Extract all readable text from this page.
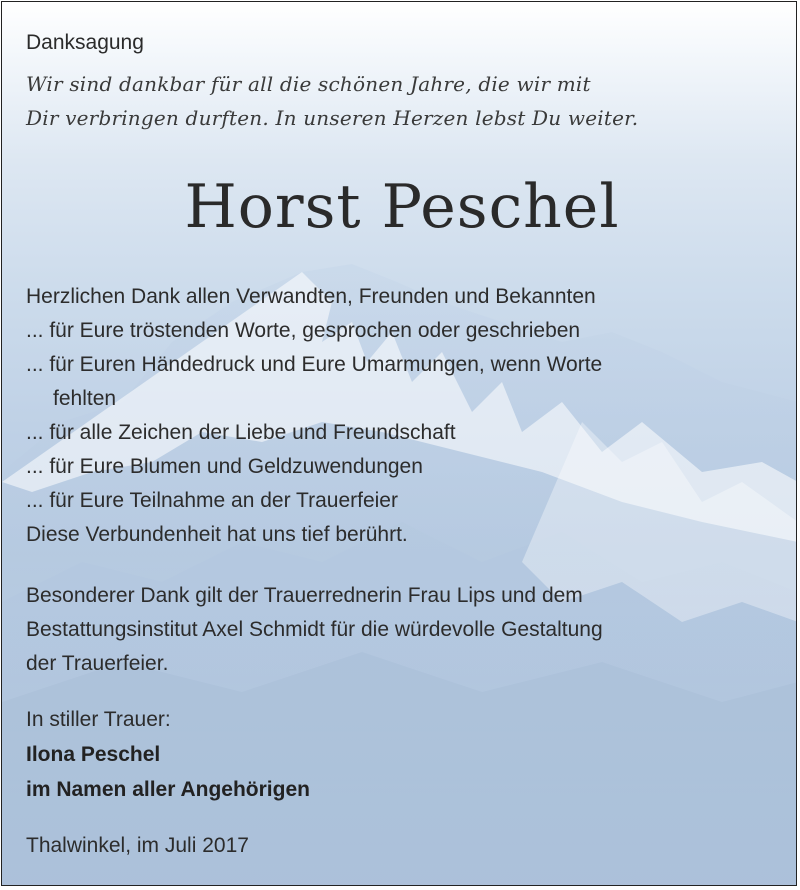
Danksagung
Wir sind dankbar für all die schönen Jahre, die wir mit
Dir verbringen durften. In unseren Herzen lebst Du weiter.
Horst Peschel
Herzlichen Dank allen Verwandten, Freunden und Bekannten
... für Eure tröstenden Worte, gesprochen oder geschrieben
... für Euren Händedruck und Eure Umarmungen, wenn Worte
fehlten
... für alle Zeichen der Liebe und Freundschaft
... für Eure Blumen und Geldzuwendungen
... für Eure Teilnahme an der Trauerfeier
Diese Verbundenheit hat uns tief berührt.
Besonderer Dank gilt der Trauerrednerin Frau Lips und dem
Bestattungsinstitut Axel Schmidt für die würdevolle Gestaltung
der Trauerfeier.
In stiller Trauer:
Ilona Peschel
im Namen aller Angehörigen
Thalwinkel, im Juli 2017
